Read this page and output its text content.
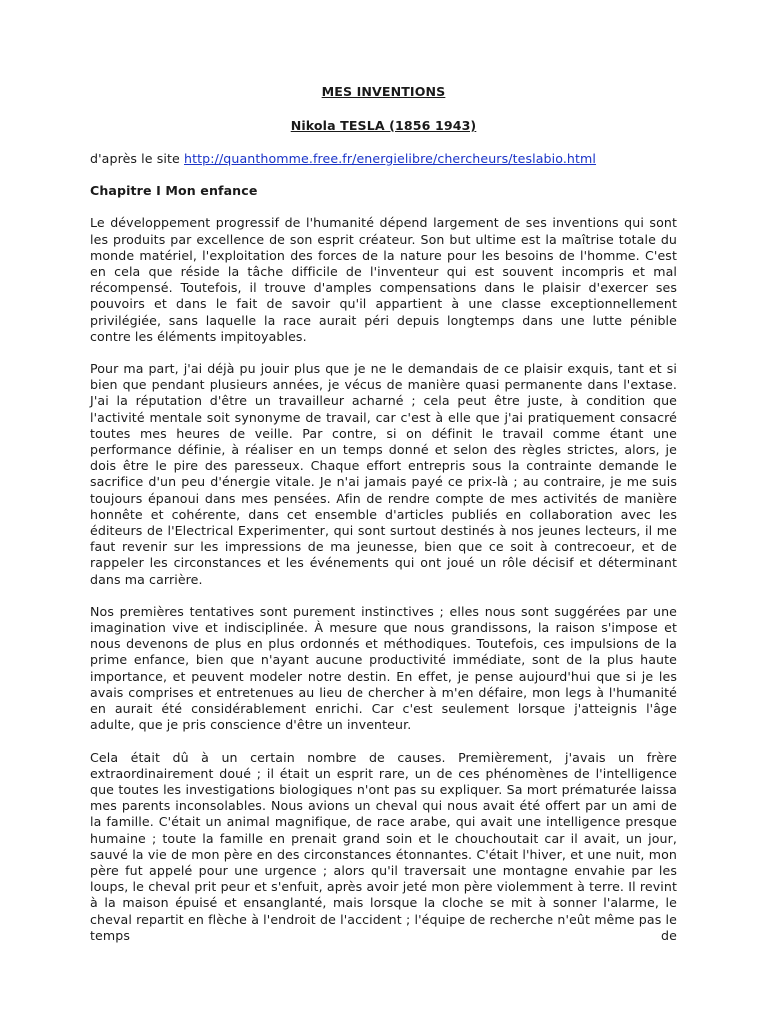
MES INVENTIONS

Nikola TESLA (1856 1943)

d'après le site http://quanthomme.free.fr/energielibre/chercheurs/teslabio.html

Chapitre I Mon enfance

Le développement progressif de l'humanité dépend largement de ses inventions qui sont les produits par excellence de son esprit créateur. Son but ultime est la maîtrise totale du monde matériel, l'exploitation des forces de la nature pour les besoins de l'homme. C'est en cela que réside la tâche difficile de l'inventeur qui est souvent incompris et mal récompensé. Toutefois, il trouve d'amples compensations dans le plaisir d'exercer ses pouvoirs et dans le fait de savoir qu'il appartient à une classe exceptionnellement privilégiée, sans laquelle la race aurait péri depuis longtemps dans une lutte pénible contre les éléments impitoyables.

Pour ma part, j'ai déjà pu jouir plus que je ne le demandais de ce plaisir exquis, tant et si bien que pendant plusieurs années, je vécus de manière quasi permanente dans l'extase. J'ai la réputation d'être un travailleur acharné ; cela peut être juste, à condition que l'activité mentale soit synonyme de travail, car c'est à elle que j'ai pratiquement consacré toutes mes heures de veille. Par contre, si on définit le travail comme étant une performance définie, à réaliser en un temps donné et selon des règles strictes, alors, je dois être le pire des paresseux. Chaque effort entrepris sous la contrainte demande le sacrifice d'un peu d'énergie vitale. Je n'ai jamais payé ce prix-là ; au contraire, je me suis toujours épanoui dans mes pensées. Afin de rendre compte de mes activités de manière honnête et cohérente, dans cet ensemble d'articles publiés en collaboration avec les éditeurs de l'Electrical Experimenter, qui sont surtout destinés à nos jeunes lecteurs, il me faut revenir sur les impressions de ma jeunesse, bien que ce soit à contrecoeur, et de rappeler les circonstances et les événements qui ont joué un rôle décisif et déterminant dans ma carrière.

Nos premières tentatives sont purement instinctives ; elles nous sont suggérées par une imagination vive et indisciplinée. À mesure que nous grandissons, la raison s'impose et nous devenons de plus en plus ordonnés et méthodiques. Toutefois, ces impulsions de la prime enfance, bien que n'ayant aucune productivité immédiate, sont de la plus haute importance, et peuvent modeler notre destin. En effet, je pense aujourd'hui que si je les avais comprises et entretenues au lieu de chercher à m'en défaire, mon legs à l'humanité en aurait été considérablement enrichi. Car c'est seulement lorsque j'atteignis l'âge adulte, que je pris conscience d'être un inventeur.

Cela était dû à un certain nombre de causes. Premièrement, j'avais un frère extraordinairement doué ; il était un esprit rare, un de ces phénomènes de l'intelligence que toutes les investigations biologiques n'ont pas su expliquer. Sa mort prématurée laissa mes parents inconsolables. Nous avions un cheval qui nous avait été offert par un ami de la famille. C'était un animal magnifique, de race arabe, qui avait une intelligence presque humaine ; toute la famille en prenait grand soin et le chouchoutait car il avait, un jour, sauvé la vie de mon père en des circonstances étonnantes. C'était l'hiver, et une nuit, mon père fut appelé pour une urgence ; alors qu'il traversait une montagne envahie par les loups, le cheval prit peur et s'enfuit, après avoir jeté mon père violemment à terre. Il revint à la maison épuisé et ensanglanté, mais lorsque la cloche se mit à sonner l'alarme, le cheval repartit en flèche à l'endroit de l'accident ; l'équipe de recherche n'eût même pas le temps de
